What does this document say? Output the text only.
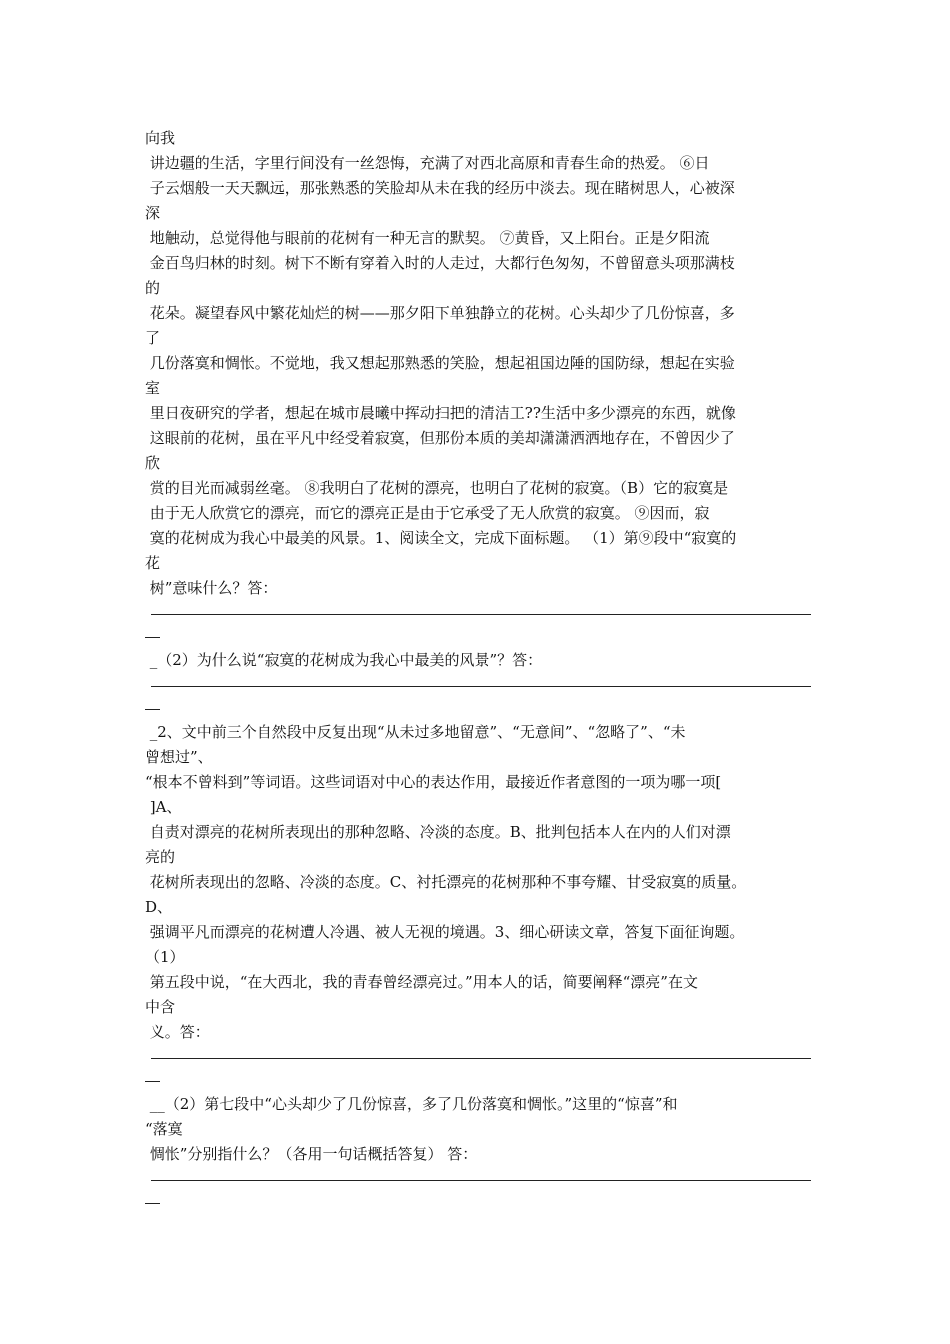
向我
讲边疆的生活，字里行间没有一丝怨悔，充满了对西北高原和青春生命的热爱。 ⑥日
子云烟般一天天飘远，那张熟悉的笑脸却从未在我的经历中淡去。现在睹树思人，心被深
深
地触动，总觉得他与眼前的花树有一种无言的默契。 ⑦黄昏，又上阳台。正是夕阳流
金百鸟归林的时刻。树下不断有穿着入时的人走过，大都行色匆匆，不曾留意头项那满枝
的
花朵。凝望春风中繁花灿烂的树——那夕阳下单独静立的花树。心头却少了几份惊喜，多
了
几份落寞和惆怅。不觉地，我又想起那熟悉的笑脸，想起祖国边陲的国防绿，想起在实验
室
里日夜研究的学者，想起在城市晨曦中挥动扫把的清洁工??生活中多少漂亮的东西，就像
这眼前的花树，虽在平凡中经受着寂寞，但那份本质的美却潇潇洒洒地存在，不曾因少了
欣
赏的目光而减弱丝毫。 ⑧我明白了花树的漂亮，也明白了花树的寂寞。（B）它的寂寞是
由于无人欣赏它的漂亮，而它的漂亮正是由于它承受了无人欣赏的寂寞。 ⑨因而，寂
寞的花树成为我心中最美的风景。1、阅读全文，完成下面标题。 （1）第⑨段中“寂寞的
花
树”意味什么？答：
_（2）为什么说“寂寞的花树成为我心中最美的风景”？答：
_2、文中前三个自然段中反复出现“从未过多地留意”、“无意间”、“忽略了”、“未
曾想过”、
“根本不曾料到”等词语。这些词语对中心的表达作用，最接近作者意图的一项为哪一项[
]A、
自责对漂亮的花树所表现出的那种忽略、冷淡的态度。B、批判包括本人在内的人们对漂
亮的
花树所表现出的忽略、冷淡的态度。C、衬托漂亮的花树那种不事夸耀、甘受寂寞的质量。
D、
强调平凡而漂亮的花树遭人冷遇、被人无视的境遇。3、细心研读文章，答复下面征询题。
（1）
第五段中说，“在大西北，我的青春曾经漂亮过。”用本人的话，简要阐释“漂亮”在文
中含
义。答：
__（2）第七段中“心头却少了几份惊喜，多了几份落寞和惆怅。”这里的“惊喜”和
“落寞
惆怅”分别指什么？（各用一句话概括答复） 答：
